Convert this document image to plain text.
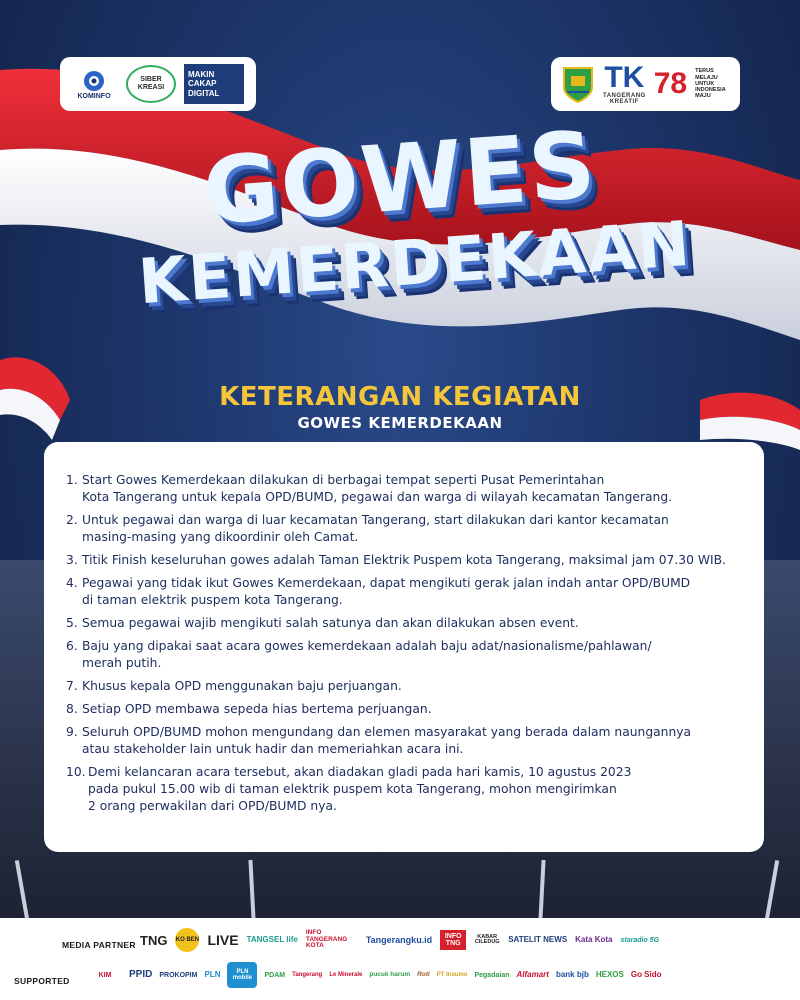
KOMINFO
SIBER
KREASI
MAKIN
CAKAP
DIGITAL	TK
TANGERANG
KREATIF
78 TERUS
MELAJU
UNTUK
INDONESIA
MAJU
GOWES
KEMERDEKAAN
KETERANGAN KEGIATAN
GOWES KEMERDEKAAN
1. Start Gowes Kemerdekaan dilakukan di berbagai tempat seperti Pusat Pemerintahan
Kota Tangerang untuk kepala OPD/BUMD, pegawai dan warga di wilayah kecamatan Tangerang.
2. Untuk pegawai dan warga di luar kecamatan Tangerang, start dilakukan dari kantor kecamatan
masing-masing yang dikoordinir oleh Camat.
3. Titik Finish keseluruhan gowes adalah Taman Elektrik Puspem kota Tangerang, maksimal jam 07.30 WIB.
4. Pegawai yang tidak ikut Gowes Kemerdekaan, dapat mengikuti gerak jalan indah antar OPD/BUMD
di taman elektrik puspem kota Tangerang.
5. Semua pegawai wajib mengikuti salah satunya dan akan dilakukan absen event.
6. Baju yang dipakai saat acara gowes kemerdekaan adalah baju adat/nasionalisme/pahlawan/
merah putih.
7. Khusus kepala OPD menggunakan baju perjuangan.
8. Setiap OPD membawa sepeda hias bertema perjuangan.
9. Seluruh OPD/BUMD mohon mengundang dan elemen masyarakat yang berada dalam naungannya
atau stakeholder lain untuk hadir dan memeriahkan acara ini.
10. Demi kelancaran acara tersebut, akan diadakan gladi pada hari kamis, 10 agustus 2023
pada pukul 15.00 wib di taman elektrik puspem kota Tangerang, mohon mengirimkan
2 orang perwakilan dari OPD/BUMD nya.
MEDIA PARTNER
SUPPORTED
TNG KO BEN LIVE TANGSEL life
INFO TANGERANG KOTA
Tangerangku.id	INFO TNG
KABAR CILEDUG SATELIT NEWS Kata Kota staradio 5G
KIM	PPID PROKOPIM PLN	PLN mobile	PDAM Tangerang Le Minerale pucuk harum Roti PT Insumo Pegadaian Alfamart bank bjb HEXOS Go Sido
